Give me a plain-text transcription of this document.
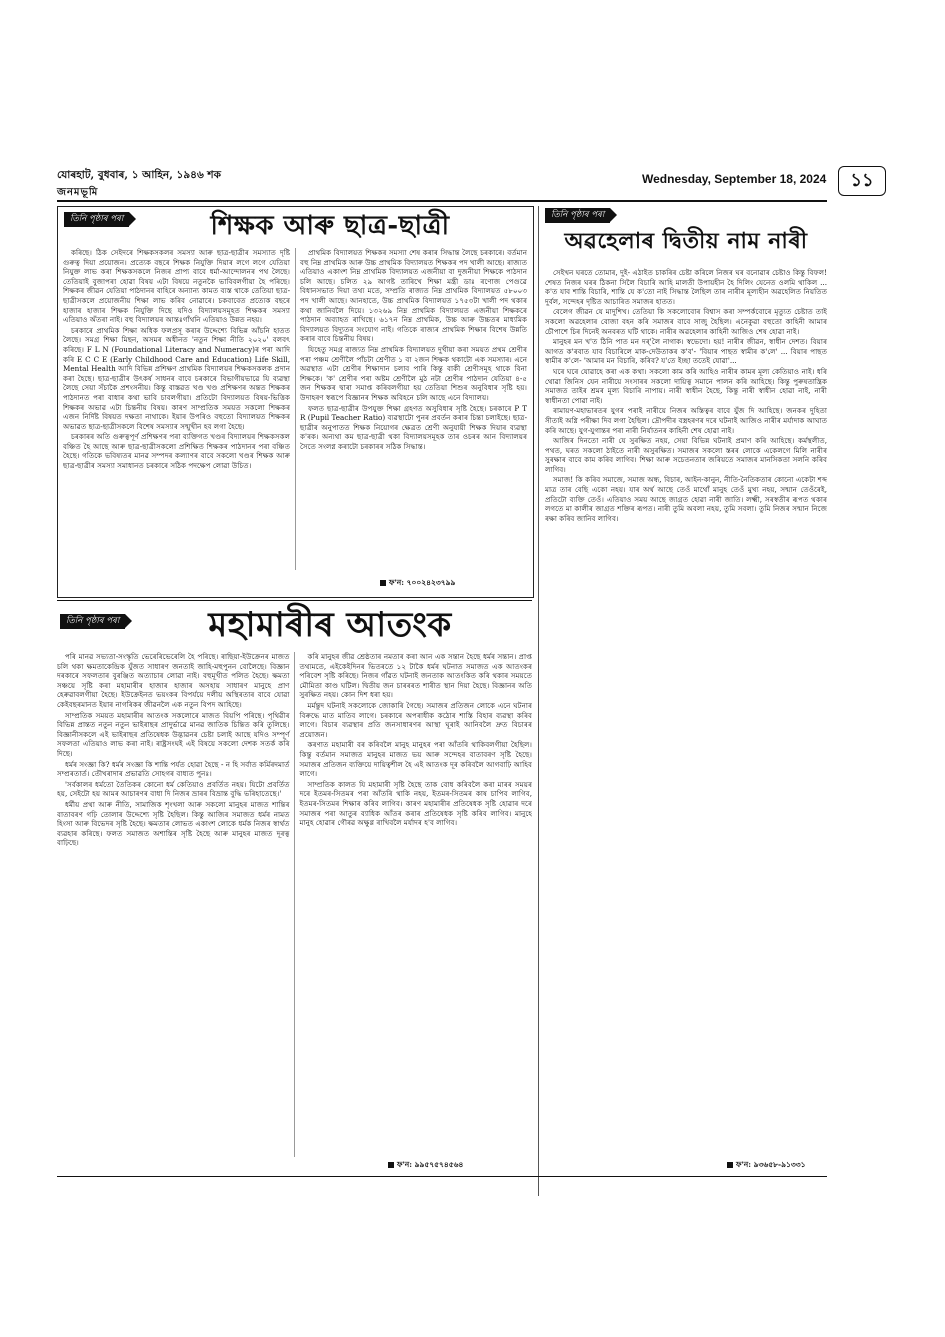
যোৰহাট, বুধবাৰ, ১ আহিন, ১৯৪৬ শক
জনমভূমি
Wednesday, September 18, 2024	১১
তিনি পৃষ্ঠাৰ পৰা	শিক্ষক আৰু ছাত্ৰ-ছাত্ৰী

কৰিছে। ঠিক সেইদৰে শিক্ষকসকলৰ সমস্যা আৰু ছাত্ৰ-ছাত্ৰীৰ সমস্যাত দৃষ্টি গুৰুত্ব দিয়া প্ৰয়োজন। প্ৰত্যেক বছৰে শিক্ষক নিযুক্তি দিয়াৰ লগে লগে যেতিয়া নিযুক্ত লাভ কৰা শিক্ষকসকলে নিজৰ প্ৰাপ্য বাবে ধৰ্মা-আন্দোলনৰ পথ লৈছে। তেতিয়াই বুজাপৰা হোৱা বিষয় এটা বিষয়ে নতুনকৈ ভাবিবলগীয়া হৈ পৰিছে। শিক্ষকৰ জীৱন যেতিয়া পাঠদানৰ বাহিৰে অন্যান্য কামত ব্যস্ত থাকে তেতিয়া ছাত্ৰ-ছাত্ৰীসকলে প্ৰয়োজনীয় শিক্ষা লাভ কৰিব নোৱাৰে। চকবাবেত প্ৰত্যেক বছৰে হাজাৰ হাজাৰ শিক্ষক নিযুক্তি দিছে যদিও বিদ্যালয়সমূহত শিক্ষকৰ সমস্যা এতিয়াও অঁতৰা নাই। বহু বিদ্যালয়ৰ আন্তঃগাঁথনি এতিয়াও উন্নত নহয়।

চৰকাৰে প্ৰাথমিক শিক্ষা অধিক ফলপ্ৰসূ কৰাৰ উদ্দেশ্যে বিভিন্ন আঁচনি হাতত লৈছে। সমগ্ৰ শিক্ষা মিছন, অসমৰ অধীনত 'নতুন শিক্ষা নীতি ২০২০' বলবৎ কৰিছে। F L N (Foundational Literacy and Numeracy)ৰ পৰা আদি কৰি E C C E (Early Childhood Care and Education) Life Skill, Mental Health আদি বিভিন্ন প্ৰশিক্ষণ প্ৰাথমিক বিদ্যালয়ৰ শিক্ষকসকলক প্ৰদান কৰা হৈছে। ছাত্ৰ-ছাত্ৰীৰ উৎকৰ্ষ সাধনৰ বাবে চৰকাৰে বিভাগীয়ভাৱে যি ব্যৱস্থা লৈছে সেয়া সঁচাকৈ প্ৰশংসনীয়। কিন্তু বাস্তৱত খণ্ড খণ্ড প্ৰশিক্ষণৰ অন্তত শিক্ষকৰ পাঠদানত পৰা বাধাৰ কথা ভাবি চাবলগীয়া। প্ৰতিটো বিদ্যালয়ত বিষয়-ভিত্তিক শিক্ষকৰ অভাৱ এটা চিন্তনীয় বিষয়। কাৰণ সাম্প্ৰতিক সময়ত সকলো শিক্ষকৰ এজন নিৰ্দিষ্ট বিষয়ত দক্ষতা নাথাকে। ইয়াৰ উপৰিও বহুতো বিদ্যালয়ত শিক্ষকৰ অভাৱত ছাত্ৰ-ছাত্ৰীসকলে বিশেষ সমস্যাৰ সন্মুখীন হব লগা হৈছে।

চৰকাৰৰ অতি গুৰুত্বপূৰ্ণ প্ৰশিক্ষণৰ পৰা ব্যক্তিগত খণ্ডৰ বিদ্যালয়ৰ শিক্ষকসকল বঞ্চিত হৈ আছে আৰু ছাত্ৰ-ছাত্ৰীসকলো প্ৰশিক্ষিত শিক্ষকৰ পাঠদানৰ পৰা বঞ্চিত হৈছে। গতিকে ভবিষ্যতৰ মানৱ সম্পদৰ কল্যাণৰ বাবে সকলো খণ্ডৰ শিক্ষক আৰু ছাত্ৰ-ছাত্ৰীৰ সমস্যা সমাধানত চৰকাৰে সঠিক পদক্ষেপ লোৱা উচিত।

প্ৰাথমিক বিদ্যালয়ত শিক্ষকৰ সমস্যা শেষ কৰাৰ সিদ্ধান্ত লৈছে চৰকাৰে। বৰ্তমান বহু নিম্ন প্ৰাথমিক আৰু উচ্চ প্ৰাথমিক বিদ্যালয়ত শিক্ষকৰ পদ খালী আছে। ৰাজ্যত এতিয়াও একাংশ নিম্ন প্ৰাথমিক বিদ্যালয়ত এজনীয়া বা দুজনীয়া শিক্ষকে পাঠদান চলি আছে। চলিত ২৯ আগষ্ট তাৰিখে শিক্ষা মন্ত্ৰী ডাঃ ৰণোজ পেগুৱে বিধানসভাত দিয়া তথ্য মতে, সম্প্ৰতি ৰাজ্যত নিম্ন প্ৰাথমিক বিদ্যালয়ত ৫৮০০৩ পদ খালী আছে। আনহাতে, উচ্চ প্ৰাথমিক বিদ্যালয়ত ১৭৫৩টা খালী পদ থকাৰ কথা জানিবলৈ দিয়ে। ১৩২৬৯ নিম্ন প্ৰাথমিক বিদ্যালয়ত এজনীয়া শিক্ষকৰে পাঠদান অব্যাহত ৰাখিছে। ৬১৭ন নিম্ন প্ৰাথমিক, উচ্চ আৰু উচ্চতৰ মাধ্যমিক বিদ্যালয়ত বিদ্যুতৰ সংযোগ নাই। গতিকে ৰাজ্যৰ প্ৰাথমিক শিক্ষাৰ বিশেষ উন্নতি কৰাৰ বাবে চিন্তনীয় বিষয়।

যিহেতু সমগ্ৰ ৰাজ্যত নিম্ন প্ৰাথমিক বিদ্যালয়ত দুখীয়া কৰা সময়ত প্ৰথম শ্ৰেণীৰ পৰা পঞ্চম শ্ৰেণীলৈ পাঁচটা শ্ৰেণীত ১ বা ২জন শিক্ষক থকাটো এক সমস্যাৰ। এনে অৱস্থাত এটা শ্ৰেণীৰ শিক্ষাদান চলাব পাৰি কিন্তু বাকী শ্ৰেণীসমূহ থাকে বিনা শিক্ষকে। 'ক' শ্ৰেণীৰ পৰা অষ্টম শ্ৰেণীলৈ মুঠ নটা শ্ৰেণীৰ পাঠদান যেতিয়া ৪-৫ জন শিক্ষকৰ দ্বাৰা সমাপ্ত কৰিবলগীয়া হয় তেতিয়া শিশুৰ অনুবিধাৰ সৃষ্টি হয়। উদাহৰণ স্বৰূপে বিজ্ঞানৰ শিক্ষক অবিহনে চলি আছে এনে বিদ্যালয়।

ফলত ছাত্ৰ-ছাত্ৰীৰ উপযুক্ত শিক্ষা গ্ৰহণত অসুবিধাৰ সৃষ্টি হৈছে। চৰকাৰে P T R (Pupil Teacher Ratio) ব্যৱস্থাটো পুনৰ প্ৰবৰ্তন কৰাৰ চিন্তা চলাইছে। ছাত্ৰ-ছাত্ৰীৰ অনুপাতত শিক্ষক নিয়োগৰ ক্ষেত্ৰত শ্ৰেণী অনুযায়ী শিক্ষক দিয়াৰ ব্যৱস্থা ক'ৰক। অন্যথা কম ছাত্ৰ-ছাত্ৰী থকা বিদ্যালয়সমূহক তাৰ ওচৰৰ আন বিদ্যালয়ৰ সৈতে সংলগ্ন কৰাটো চৰকাৰৰ সঠিক সিদ্ধান্ত।

ফ'ন: ৭০০২৪২৩৭৯৯
তিনি পৃষ্ঠাৰ পৰা	মহামাৰীৰ আতংক

পৰি মানৱ সভ্যতা-সংস্কৃতি ভেৰেৰিভেৰেলি হৈ পৰিছে। ৰাছিয়া-ইউক্ৰেনৰ মাজত চলি থকা ক্ষমতাকেন্দ্ৰিক যুঁজত সাধাৰণ জনতাই জাহি-মহুপুনন বোলৈছে। বিজ্ঞান দৰকাৰে সফলতাৰ বুৰঞ্জিত অত্যাচাৰ লোৱা নাই। বহুমূখীত পলিত হৈছে। ক্ষমতা সঞ্চয়ে সৃষ্টি কৰা মহামাৰীৰ হাজাৰ হাজাৰ অসহায় সাধাৰণ মানুহে প্ৰাণ হেৰুৱাবলগীয়া হৈছে। ইউক্ৰেইনত ভয়ংকৰ বিপৰ্যয়ে দলীয় অস্থিৰতাৰ বাবে যোৱা কেইবছৰমানত ইয়াৰ নাগৰিকৰ জীৱনলৈ এক নতুন বিপদ আহিছে।

সাম্প্ৰতিক সময়ত মহামাৰীৰ আতংক সকলোৰে মাজত বিয়পি পৰিছে। পৃথিৱীৰ বিভিন্ন প্ৰান্তত নতুন নতুন ভাইৰাছৰ প্ৰাদুৰ্ভাৱে মানৱ জাতিক চিন্তিত কৰি তুলিছে। বিজ্ঞানীসকলে এই ভাইৰাছৰ প্ৰতিষেধক উদ্ভাৱনৰ চেষ্টা চলাই আছে যদিও সম্পূৰ্ণ সফলতা এতিয়াও লাভ কৰা নাই। ৰাষ্ট্ৰসংঘই এই বিষয়ে সকলো দেশক সতৰ্ক কৰি দিছে।

ধৰ্মৰ সংজ্ঞা কি? ধৰ্মৰ সংজ্ঞা কি শান্তি পৰ্যত হোৱা হৈছে - ন হি সৰ্বাত কৰ্মিৰদমাৰ্ত সম্প্ৰৰতাৰ্ত। তৌখৰাদাৰ প্ৰভাৱতি সোহগৰ বাধ্যত পুনঃ।

'সৰ্বকালৰ ধৰ্মতো তৈতিকৰ কোনো ধৰ্ম কেতিয়াও প্ৰবৰ্তিত নহয়। যিটো প্ৰবৰ্তিত হয়, সেইটো হয় আমৰ আচাৰণৰ বাধা দি নিজৰ ভ্ৰাৰৰ বিভ্ৰান্ত বুদ্ধি ভৰিহাতেছে।'

ধৰ্মীয় প্ৰথা আৰু নীতি, সামাজিক শৃংখলা আৰু সকলো মানুহৰ মাজত শান্তিৰ বাতাবৰণ গঢ়ি তোলাৰ উদ্দেশ্যে সৃষ্টি হৈছিল। কিন্তু আজিৰ সমাজত ধৰ্মৰ নামত হিংসা আৰু বিভেদৰ সৃষ্টি হৈছে। ক্ষমতাৰ লোভত একাংশ লোকে ধৰ্মক নিজৰ স্বাৰ্থত ব্যৱহাৰ কৰিছে। ফলত সমাজত অশান্তিৰ সৃষ্টি হৈছে আৰু মানুহৰ মাজত দূৰত্ব বাঢ়িছে।

কৰি মানুহৰ জীৱ শ্ৰেষ্ঠতাৰ নমতাৰ কৰা আন এক সন্তান হৈছে ধৰ্মৰ সন্তান। প্ৰাপ্ত তথ্যমতে, এইকেইদিনৰ ভিতৰতে ১২ টাকৈ ধৰ্মৰ ঘটনাত সমাজত এক আতংকৰ পৰিবেশ সৃষ্টি কৰিছে। নিজৰ গাঁৱত ঘটনাই জনতাক আতংকিত কৰি থকাৰ সময়তে মৌমিতা কাণ্ড ঘটিল। দ্বিতীয় জন চাৰৰৰত শাৰীত স্থান দিয়া হৈছে। বিজ্ঞানৰ অতি সুৰক্ষিত নহয়। কোন দিশ ধৰা হয়।

মৰ্মন্তুদ ঘটনাই সকলোকে জোকাৰি গৈছে। সমাজৰ প্ৰতিজন লোকে এনে ঘটনাৰ বিৰুদ্ধে মাত মাতিব লাগে। চৰকাৰে অপৰাধীক কঠোৰ শাস্তি বিহাৰ ব্যৱস্থা কৰিব লাগে। বিচাৰ ব্যৱস্থাৰ প্ৰতি জনসাধাৰণৰ আস্থা ঘূৰাই আনিবলৈ দ্ৰুত বিচাৰৰ প্ৰয়োজন।

কৰণাত মহামাৰী বৰ কৰিবলৈ মানুহ মানুহৰ পৰা আঁতৰি থাকিবলগীয়া হৈছিল। কিন্তু বৰ্তমান সমাজত মানুহৰ মাজত ভয় আৰু সন্দেহৰ বাতাবৰণ সৃষ্টি হৈছে। সমাজৰ প্ৰতিজন ব্যক্তিয়ে দায়িত্বশীল হৈ এই আতংক দূৰ কৰিবলৈ আগবাঢ়ি আহিব লাগে।

সাম্প্ৰতিক কালত যি মহামাৰী সৃষ্টি হৈছে তাক বোধ কৰিবলৈ কৰা মাৰৰ সময়ৰ দৰে ইতমৰ-সিতমৰ পৰা আঁতৰি থাকি নহয়, ইতমৰ-সিতমৰ কাষ চাপিব লাগিব, ইতমৰ-সিতমৰ শিক্ষাৰ কৰিব লাগিব। কাৰণ মহামাৰীৰ প্ৰতিষেধক সৃষ্টি হোৱাৰ দৰে সমাজৰ পৰা আতুৰ ব্যাধিক আঁতৰ কৰাৰ প্ৰতিষেধক সৃষ্টি কৰিব লাগিব। মানুহে মানুহ হোৱাৰ গৌৰৱ অক্ষুণ্ণ ৰাখিবলৈ মৰ্যাদৰ হ'ব লাগিব।

ফ'ন: ৯৯৫৭৫৭৪৫৬৪
তিনি পৃষ্ঠাৰ পৰা
অৱহেলাৰ দ্বিতীয় নাম নাৰী

সেইখন ঘৰতে তোমাৰ, দুই- এঠাইত চাকৰিৰ চেষ্টা কৰিলে নিজৰ ঘৰ বনোৱাৰ চেষ্টাও কিন্তু বিফল! শেষত নিজৰ ঘৰৰ ঠিকনা সিলৈ বিচাৰি আহি মালতী উপায়হীন হৈ দিলিং যেনেত ওলমি থাকিল ... ক'ত যাব শান্তি বিচাৰি, শান্তি যে ক'তো নাই সিদ্ধান্ত লৈছিল তাৰ নাৰীৰ মূল্যহীন অৱহেলিত নিয়তিত দুৰ্বল, সন্দেহৰ দৃষ্টিত আচাৰিত সমাজৰ হাতত।

বেলেগ জীৱন যে মাদুশিখ। তেতিয়া কি সকলোবোৰ বিশ্বাস কৰা সম্পৰ্কবোৰে মৃত্যুত চেষ্টাত তাই সকলো অৱহেলাৰ বোজা বহন কৰি সমাজৰ বাবে সাজু হৈছিল। এনেকুৱা বহুতো কাহিনী আমাৰ চৌপাশে চিৰ দিনেই অনবৰত ঘটি থাকে। নাৰীৰ অৱহেলাৰ কাহিনী আজিও শেষ হোৱা নাই।

মানুহৰ মন খ'ত ঠিনি পাত মন দৰ্'লৈ নাগাক। স্বভেদো। হয়! নাৰীৰ জীৱন, স্বাধীন দেশত। বিয়াৰ আগত ক'ৰবাত যাব বিচাৰিলে মাক-দেউতাকৰ ক'ব'- 'বিয়াৰ পাছত স্বামীৰ ক'লে' ... বিয়াৰ পাছত স্বামীৰ ক'লে- 'আমাৰ মন বিচাৰি, কৰিব? য'তে ইচ্ছা ততেই যোৱা'...

ঘৰে ঘৰে যোৱাহে কৰা এক কথা। সকলো কাম কৰি আহিও নাৰীৰ কামৰ মূল্য কেতিয়াও নাই। ধৰি থোৱা জিনিস যেন নাৰীয়ে সংসাৰৰ সকলো দায়িত্ব সমানে পালন কৰি আহিছে। কিন্তু পুৰুষতান্ত্ৰিক সমাজত তাইৰ শ্ৰমৰ মূল্য বিচাৰি নাপায়। নাৰী স্বাধীন হৈছে, কিন্তু নাৰী স্বাধীন হোৱা নাই, নাৰী স্বাধীনতা পোৱা নাই।

ৰামায়ণ-মহাভাৰতৰ যুগৰ পৰাই নাৰীয়ে নিজৰ অস্তিত্বৰ বাবে যুঁজ দি আহিছে। জনকৰ দুহিতা সীতাই অগ্নি পৰীক্ষা দিব লগা হৈছিল। দ্ৰৌপদীৰ বস্ত্ৰহৰণৰ দৰে ঘটনাই আজিও নাৰীৰ মৰ্যাদাক আঘাত কৰি আছে। যুগ-যুগান্তৰ পৰা নাৰী নিৰ্যাতনৰ কাহিনী শেষ হোৱা নাই।

আজিৰ দিনতো নাৰী যে সুৰক্ষিত নহয়, সেয়া বিভিন্ন ঘটনাই প্ৰমাণ কৰি আহিছে। কৰ্মস্থলীত, পথত, ঘৰত সকলো ঠাইতে নাৰী অসুৰক্ষিত। সমাজৰ সকলো স্তৰৰ লোকে একেলগে মিলি নাৰীৰ সুৰক্ষাৰ বাবে কাম কৰিব লাগিব। শিক্ষা আৰু সচেতনতাৰ জৰিয়তে সমাজৰ মানসিকতা সলনি কৰিব লাগিব।

সমাজ! কি কৰিব সমাজে, সমাজ অন্ধ, বিচাৰ, আইন-কানুন, নীতি-নৈতিকতাৰ কোনো একেটা শব্দ মাত্ৰ তাৰ বেছি একো নহয়। যাৰ অৰ্থ আছে তেওঁ মাথোঁ মানুহ তেওঁ মুখ্য নহয়, সন্মান তেওঁৰেই, প্ৰতিটো ব্যক্তি তেওঁ। এতিয়াও সময় আছে জাগ্ৰত হোৱা নাৰী জাতি। লক্ষ্মী, সৰস্বতীৰ ৰূপত থকাৰ লগতে মা কালীৰ জাগ্ৰত শক্তিৰ ৰূপত। নাৰী তুমি অবলা নহয়, তুমি সবলা। তুমি নিজৰ সন্মান নিজে ৰক্ষা কৰিব জানিব লাগিব।

ফ'ন: ৯৩৬৫৮-৯১৩৩১
